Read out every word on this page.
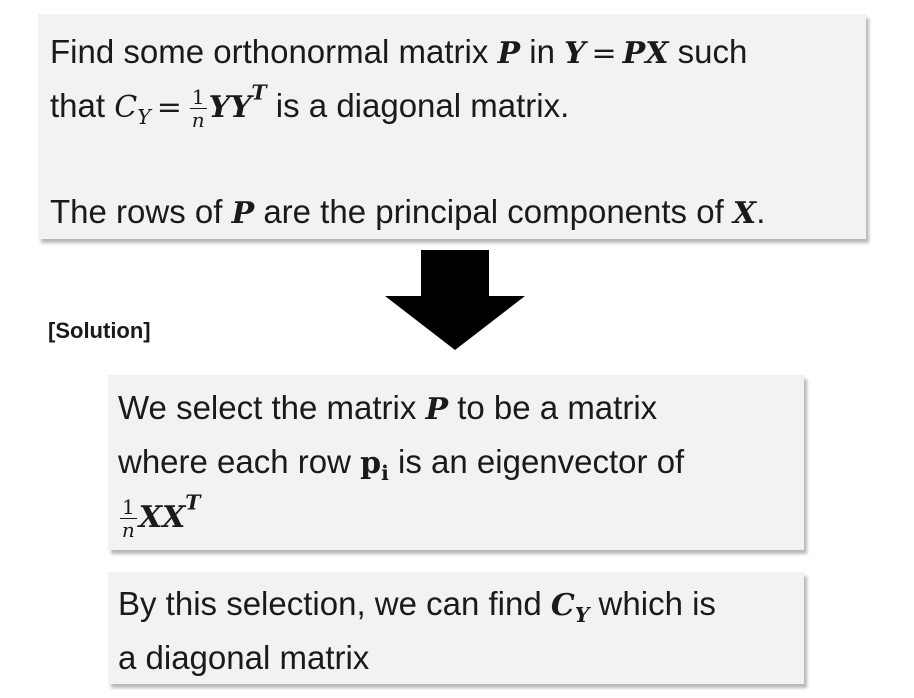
Find some orthonormal matrix P in Y = PX such
that $C_Y = \frac{1}{n} YY^T$ is a diagonal matrix.
The rows of P are the principal components of X.
[Solution]
We select the matrix P to be a matrix
where each row $p_i$ is an eigenvector of
$\frac{1}{n} XX^T$
By this selection, we can find $C_Y$ which is
a diagonal matrix
